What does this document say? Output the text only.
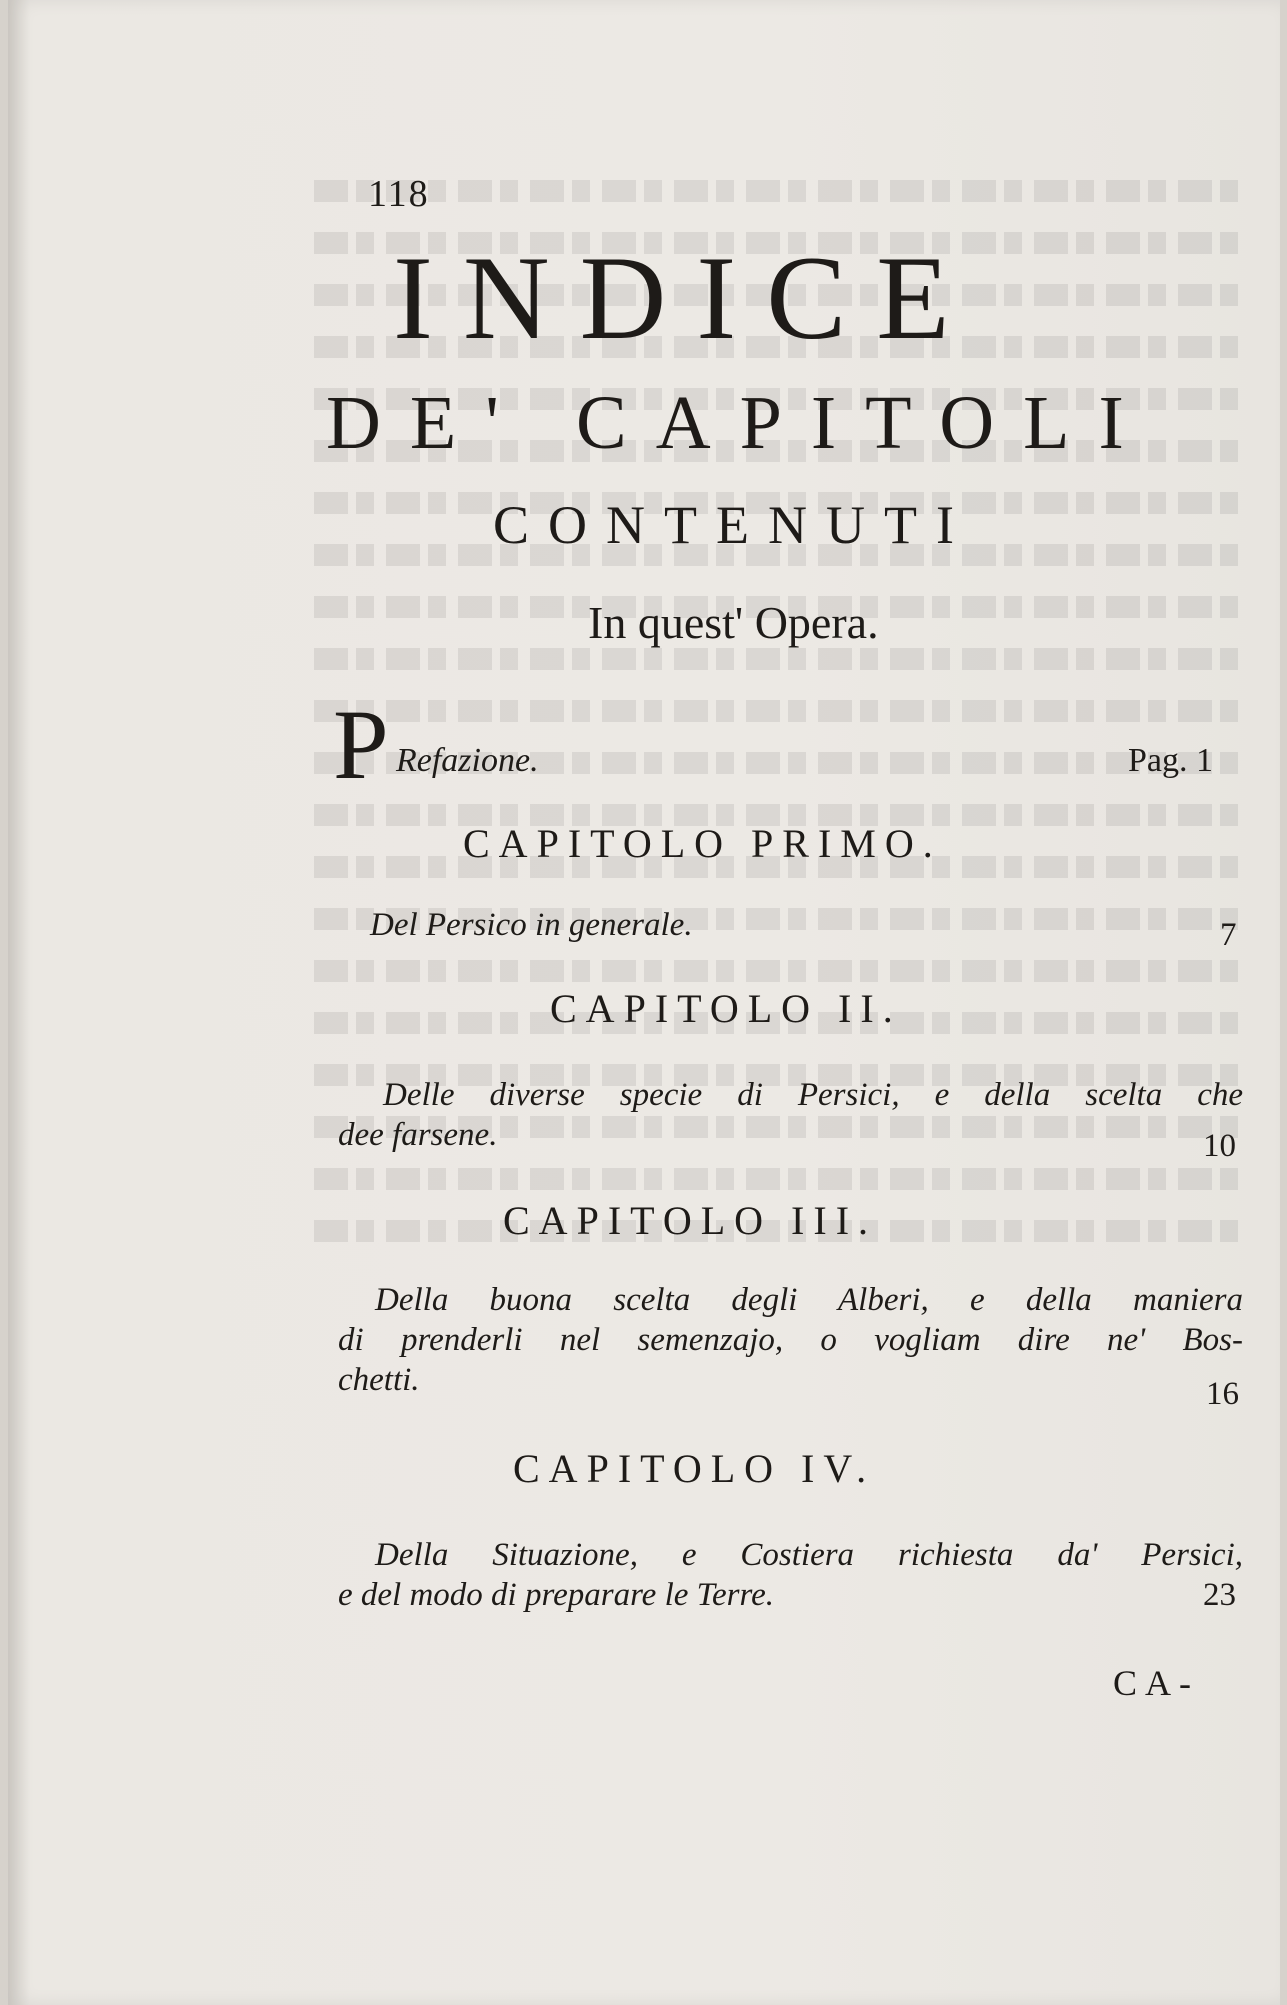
118
INDICE
DE' CAPITOLI
CONTENUTI
In quest' Opera.
P Refazione.	Pag. 1
CAPITOLO PRIMO.
Del Persico in generale.	7
CAPITOLO II.
Delle diverse specie di Persici, e della scelta che
dee farsene.	10
CAPITOLO III.
Della buona scelta degli Alberi, e della maniera
di prenderli nel semenzajo, o vogliam dire ne' Bos-
chetti.	16
CAPITOLO IV.
Della Situazione, e Costiera richiesta da' Persici,
e del modo di preparare le Terre.	23
CA-
